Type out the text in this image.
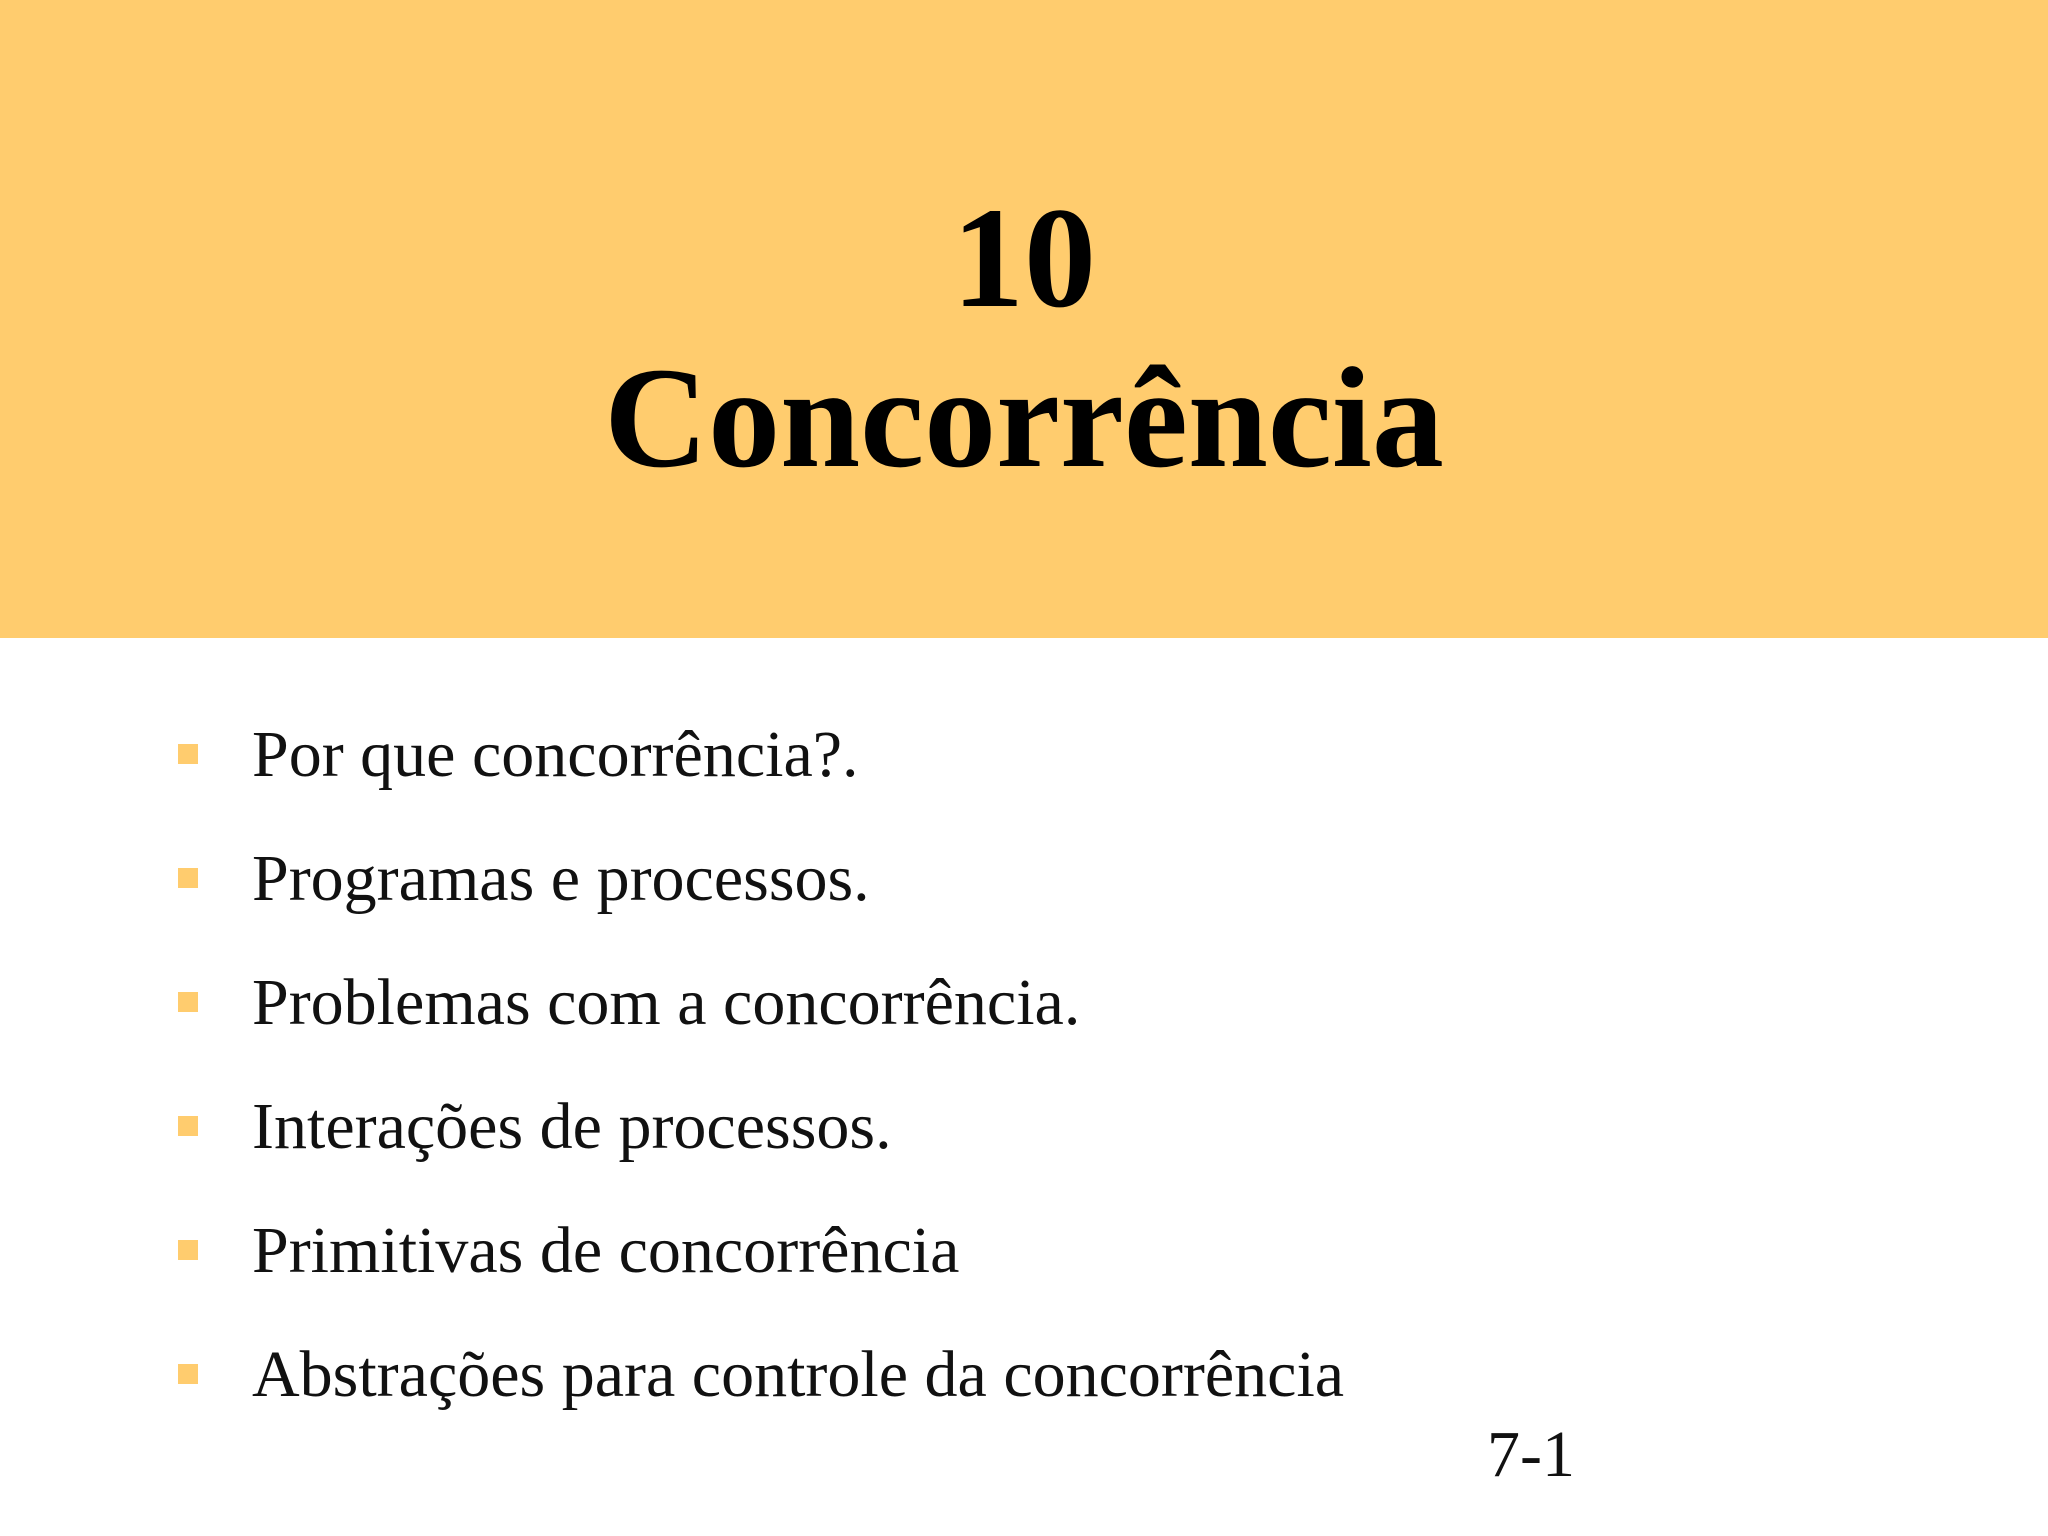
10
Concorrência
Por que concorrência?.
Programas e processos.
Problemas com a concorrência.
Interações de processos.
Primitivas de concorrência
Abstrações para controle da concorrência
7-1
